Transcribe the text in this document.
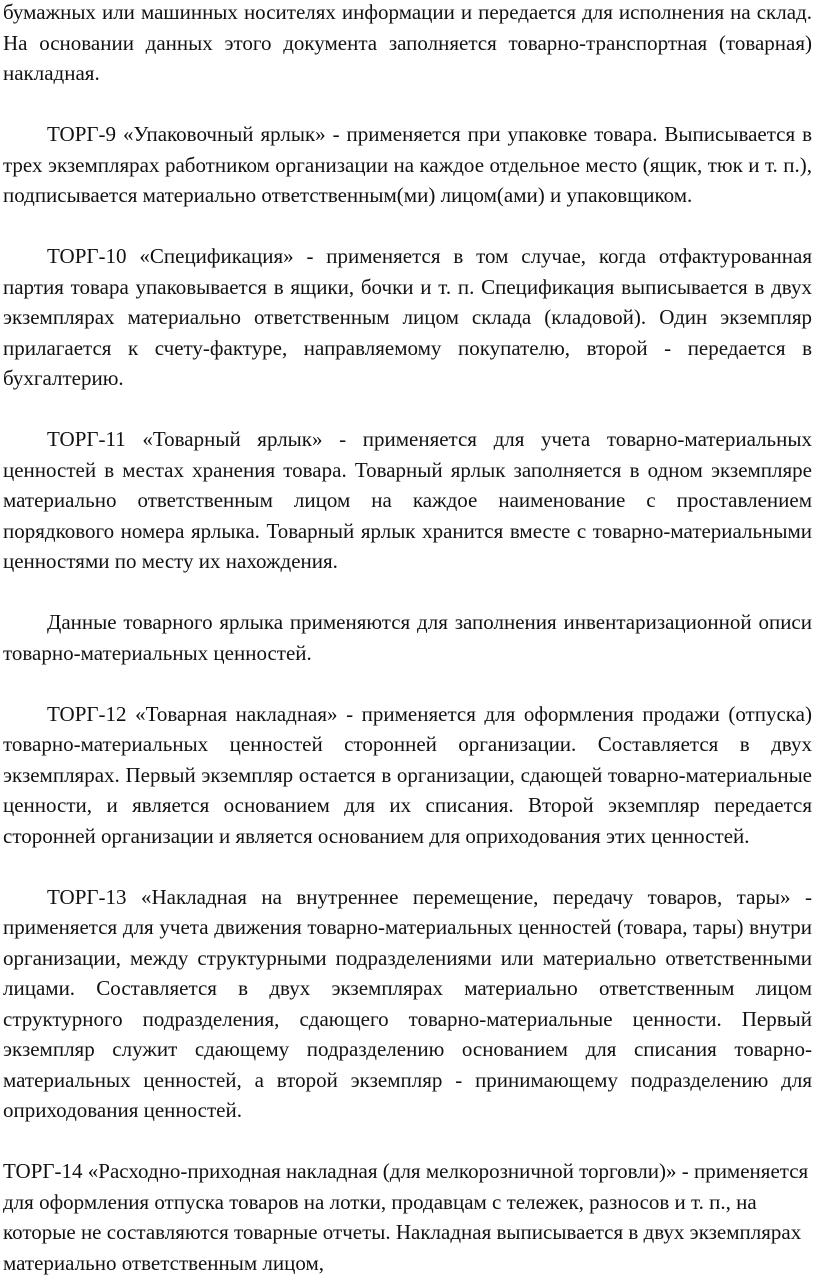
бумажных или машинных носителях информации и передается для исполнения на склад. На основании данных этого документа заполняется товарно-транспортная (товарная) накладная.

ТОРГ-9 «Упаковочный ярлык» - применяется при упаковке товара. Выписывается в трех экземплярах работником организации на каждое отдельное место (ящик, тюк и т. п.), подписывается материально ответственным(ми) лицом(ами) и упаковщиком.

ТОРГ-10 «Спецификация» - применяется в том случае, когда отфактурованная партия товара упаковывается в ящики, бочки и т. п. Спецификация выписывается в двух экземплярах материально ответственным лицом склада (кладовой). Один экземпляр прилагается к счету-фактуре, направляемому покупателю, второй - передается в бухгалтерию.

ТОРГ-11 «Товарный ярлык» - применяется для учета товарно-материальных ценностей в местах хранения товара. Товарный ярлык заполняется в одном экземпляре материально ответственным лицом на каждое наименование с проставлением порядкового номера ярлыка. Товарный ярлык хранится вместе с товарно-материальными ценностями по месту их нахождения.

Данные товарного ярлыка применяются для заполнения инвентаризационной описи товарно-материальных ценностей.

ТОРГ-12 «Товарная накладная» - применяется для оформления продажи (отпуска) товарно-материальных ценностей сторонней организации. Составляется в двух экземплярах. Первый экземпляр остается в организации, сдающей товарно-материальные ценности, и является основанием для их списания. Второй экземпляр передается сторонней организации и является основанием для оприходования этих ценностей.

ТОРГ-13 «Накладная на внутреннее перемещение, передачу товаров, тары» - применяется для учета движения товарно-материальных ценностей (товара, тары) внутри организации, между структурными подразделениями или материально ответственными лицами. Составляется в двух экземплярах материально ответственным лицом структурного подразделения, сдающего товарно-материальные ценности. Первый экземпляр служит сдающему подразделению основанием для списания товарно-материальных ценностей, а второй экземпляр - принимающему подразделению для оприходования ценностей.

ТОРГ-14 «Расходно-приходная накладная (для мелкорозничной торговли)» - применяется для оформления отпуска товаров на лотки, продавцам с тележек, разносов и т. п., на которые не составляются товарные отчеты. Накладная выписывается в двух экземплярах материально ответственным лицом,
